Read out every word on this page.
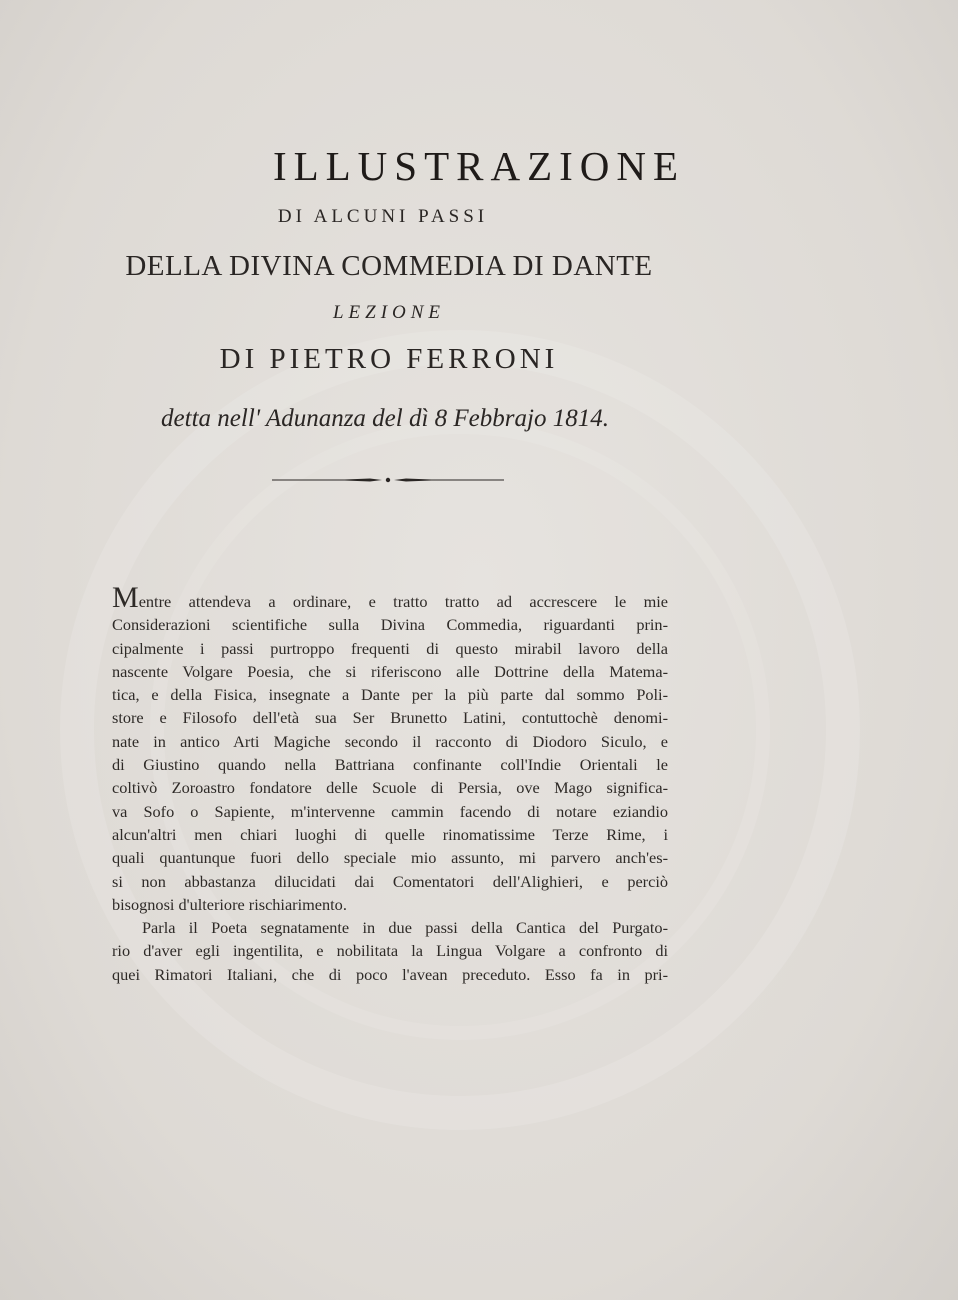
ILLUSTRAZIONE
DI ALCUNI PASSI
DELLA DIVINA COMMEDIA DI DANTE
LEZIONE
DI PIETRO FERRONI
detta nell' Adunanza del dì 8 Febbrajo 1814.
Mentre attendeva a ordinare, e tratto tratto ad accrescere le mie
Considerazioni scientifiche sulla Divina Commedia, riguardanti prin-
cipalmente i passi purtroppo frequenti di questo mirabil lavoro della
nascente Volgare Poesia, che si riferiscono alle Dottrine della Matema-
tica, e della Fisica, insegnate a Dante per la più parte dal sommo Poli-
store e Filosofo dell'età sua Ser Brunetto Latini, contuttochè denomi-
nate in antico Arti Magiche secondo il racconto di Diodoro Siculo, e
di Giustino quando nella Battriana confinante coll'Indie Orientali le
coltivò Zoroastro fondatore delle Scuole di Persia, ove Mago significa-
va Sofo o Sapiente, m'intervenne cammin facendo di notare eziandio
alcun'altri men chiari luoghi di quelle rinomatissime Terze Rime, i
quali quantunque fuori dello speciale mio assunto, mi parvero anch'es-
si non abbastanza dilucidati dai Comentatori dell'Alighieri, e perciò
bisognosi d'ulteriore rischiarimento.
Parla il Poeta segnatamente in due passi della Cantica del Purgato-
rio d'aver egli ingentilita, e nobilitata la Lingua Volgare a confronto di
quei Rimatori Italiani, che di poco l'avean preceduto. Esso fa in pri-
